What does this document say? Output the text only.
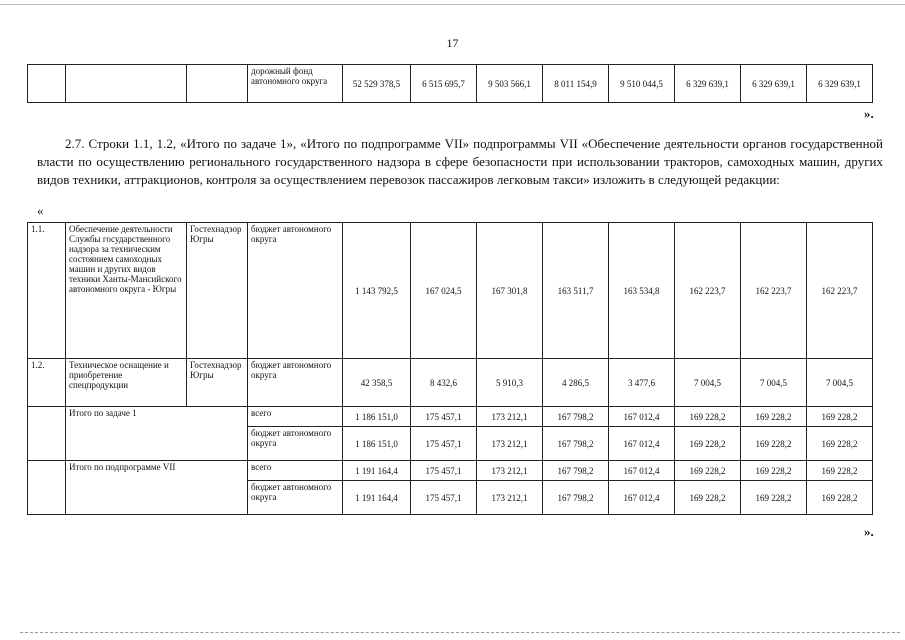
17
			дорожный фонд автономного округа	52 529 378,5	6 515 695,7	9 503 566,1	8 011 154,9	9 510 044,5	6 329 639,1	6 329 639,1	6 329 639,1
».

2.7. Строки 1.1, 1.2, «Итого по задаче 1», «Итого по подпрограмме VII» подпрограммы VII «Обеспечение деятельности органов государственной власти по осуществлению регионального государственного надзора в сфере безопасности при использовании тракторов, самоходных машин, других видов техники, аттракционов, контроля за осуществлением перевозок пассажиров легковым такси» изложить в следующей редакции:

«
1.1.	Обеспечение деятельности Службы государственного надзора за техническим состоянием самоходных машин и других видов техники Ханты-Мансийского автономного округа - Югры	Гостехнадзор Югры	бюджет автономного округа	1 143 792,5	167 024,5	167 301,8	163 511,7	163 534,8	162 223,7	162 223,7	162 223,7
1.2.	Техническое оснащение и приобретение спецпродукции	Гостехнадзор Югры	бюджет автономного округа	42 358,5	8 432,6	5 910,3	4 286,5	3 477,6	7 004,5	7 004,5	7 004,5
	Итого по задаче 1		всего	1 186 151,0	175 457,1	173 212,1	167 798,2	167 012,4	169 228,2	169 228,2	169 228,2
			бюджет автономного округа	1 186 151,0	175 457,1	173 212,1	167 798,2	167 012,4	169 228,2	169 228,2	169 228,2
	Итого по подпрограмме VII		всего	1 191 164,4	175 457,1	173 212,1	167 798,2	167 012,4	169 228,2	169 228,2	169 228,2
			бюджет автономного округа	1 191 164,4	175 457,1	173 212,1	167 798,2	167 012,4	169 228,2	169 228,2	169 228,2
».
